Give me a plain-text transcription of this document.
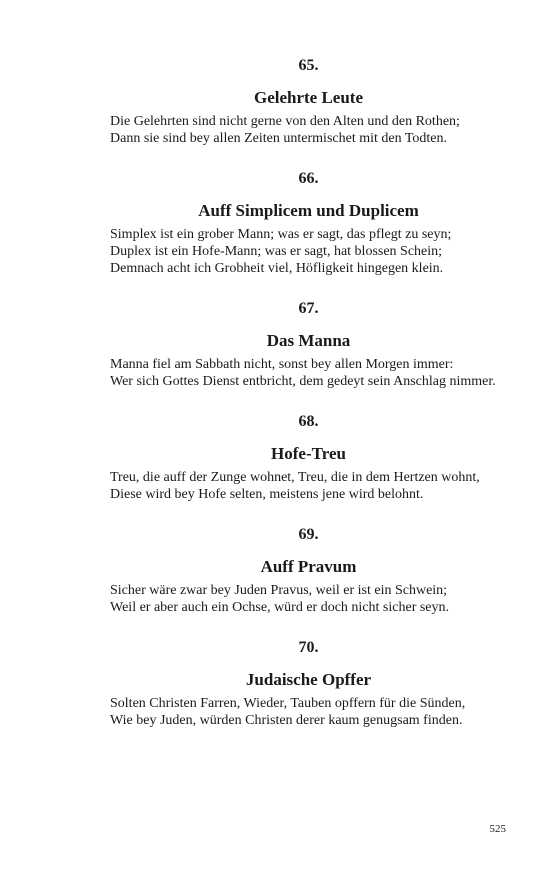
65.
Gelehrte Leute
Die Gelehrten sind nicht gerne von den Alten und den Rothen;
Dann sie sind bey allen Zeiten untermischet mit den Todten.
66.
Auff Simplicem und Duplicem
Simplex ist ein grober Mann; was er sagt, das pflegt zu seyn;
Duplex ist ein Hofe-Mann; was er sagt, hat blossen Schein;
Demnach acht ich Grobheit viel, Höfligkeit hingegen klein.
67.
Das Manna
Manna fiel am Sabbath nicht, sonst bey allen Morgen immer:
Wer sich Gottes Dienst entbricht, dem gedeyt sein Anschlag nimmer.
68.
Hofe-Treu
Treu, die auff der Zunge wohnet, Treu, die in dem Hertzen wohnt,
Diese wird bey Hofe selten, meistens jene wird belohnt.
69.
Auff Pravum
Sicher wäre zwar bey Juden Pravus, weil er ist ein Schwein;
Weil er aber auch ein Ochse, würd er doch nicht sicher seyn.
70.
Judaische Opffer
Solten Christen Farren, Wieder, Tauben opffern für die Sünden,
Wie bey Juden, würden Christen derer kaum genugsam finden.
525
